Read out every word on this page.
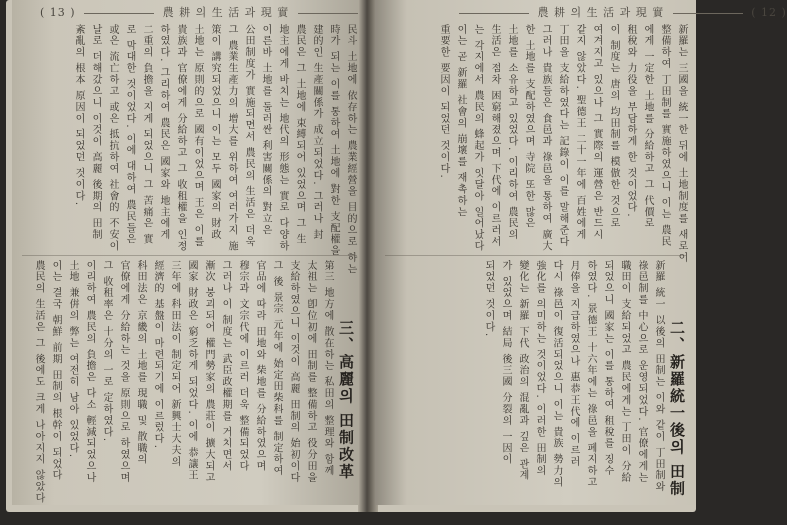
( 13 )	農 耕 의 生 活 과 現 實
民斗 土地에 依存하는 農業經營을 目的으로 하는
時가 되는 이를 통하여 土地에 對한 支配權을
建的인 生產關係가 成立되었다. 그러나 封
農民은 그 土地에 束縛되어 있었으며 그 生
地主에게 바치는 地代의 形態는 實로 다양하
이른바 土地를 둘러싼 利害關係의 對立은
公田制度가 實施되면서 農民의 生活은 더욱
그 農業生產力의 增大를 위하여 여러가지 施
策이 講究되었으니 이는 모두 國家의 財政
土地는 原則的으로 國有이었으며 王은 이를
貴族과 官僚에게 分給하고 그 收租權을 인정
하였다. 그리하여 農民은 國家와 地主에게
二重의 負擔을 지게 되었으니 그 苦痛은 實
로 막대한 것이었다. 이에 대하여 農民들은
或은 流亡하고 或은 抵抗하여 社會的 不安이
날로 더해갔으니 이것이 高麗 後期의 田制
紊亂의 根本 原因이 되었던 것이다.
三、高麗의 田制改革
第三 地方에 散在하는 私田의 整理와 함께
太祖는 卽位初에 田制를 整備하고 役分田을
支給하였으니 이것이 高麗 田制의 始初이다
그 後 景宗 元年에 始定田柴科를 制定하여
官品에 따라 田地와 柴地를 分給하였으며
穆宗과 文宗代에 이르러 더욱 整備되었다
그러나 이 制度는 武臣政權期를 거치면서
漸次 붕괴되어 權門勢家의 農莊이 擴大되고
國家 財政은 窮乏하게 되었다. 이에 恭讓王
三年에 科田法이 制定되어 新興士大夫의
經濟的 基盤이 마련되기에 이르렀다.
科田法은 京畿의 土地를 現職 및 散職의
官僚에게 分給하는 것을 原則으로 하였으며
그 收租率은 十分의 一로 定하였다.
이리하여 農民의 負擔은 다소 輕減되었으나
土地 兼倂의 弊는 여전히 남아 있었다.
이는 결국 朝鮮 前期 田制의 根幹이 되었다
農民의 生活은 그 後에도 크게 나아지지 않았다
農 耕 의 生 活 과 現 實	( 12 )
新羅는 三國을 統一한 뒤에 土地制度를 새로이
整備하여 丁田制를 實施하였으니 이는 農民
에게 一定한 土地를 分給하고 그 代價로
租稅와 力役을 부담하게 한 것이었다.
이 制度는 唐의 均田制를 模倣한 것으로
여겨지고 있으나 그 實際의 運營은 반드시
같지 않았다. 聖德王 二十一年에 百姓에게
丁田을 支給하였다는 記錄이 이를 말해준다
그러나 貴族들은 食邑과 祿邑을 통하여 廣大
한 土地를 支配하였으며 寺院 또한 많은
土地를 소유하고 있었다. 이리하여 農民의
生活은 점차 困窮해졌으며 下代에 이르러서
는 각지에서 農民의 蜂起가 잇달아 일어났다
이는 곧 新羅 社會의 崩壞를 재촉하는
重要한 要因이 되었던 것이다.
二、新羅統一後의 田制
新羅 統一 以後의 田制는 이와 같이 丁田制와
祿邑制를 中心으로 운영되었다. 官僚에게는
職田이 支給되었고 農民에게는 丁田이 分給
되었으니 國家는 이를 통하여 租稅를 징수
하였다. 景德王 十六年에는 祿邑을 폐지하고
月俸을 지급하였으나 惠恭王代에 이르러
다시 祿邑이 復活되었으니 이는 貴族 勢力의
強化를 의미하는 것이었다. 이러한 田制의
變化는 新羅 下代 政治의 混亂과 깊은 관계
가 있었으며 結局 後三國 分裂의 一因이
되었던 것이다.
